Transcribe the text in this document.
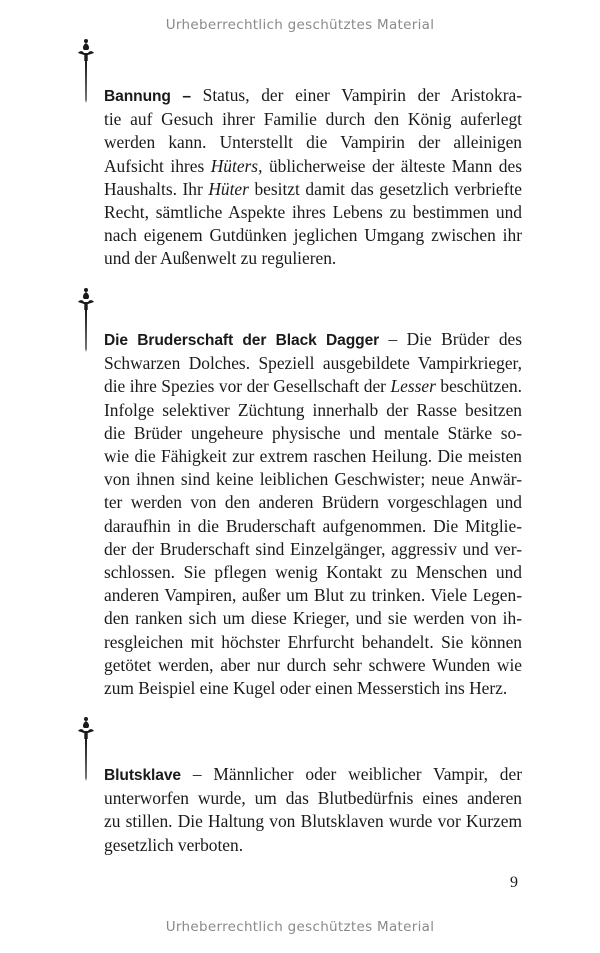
Urheberrechtlich geschütztes Material

Bannung – Status, der einer Vampirin der Aristokra-
tie auf Gesuch ihrer Familie durch den König auferlegt
werden kann. Unterstellt die Vampirin der alleinigen
Aufsicht ihres Hüters, üblicherweise der älteste Mann des
Haushalts. Ihr Hüter besitzt damit das gesetzlich verbriefte
Recht, sämtliche Aspekte ihres Lebens zu bestimmen und
nach eigenem Gutdünken jeglichen Umgang zwischen ihr
und der Außenwelt zu regulieren.

Die Bruderschaft der Black Dagger – Die Brüder des
Schwarzen Dolches. Speziell ausgebildete Vampirkrieger,
die ihre Spezies vor der Gesellschaft der Lesser beschützen.
Infolge selektiver Züchtung innerhalb der Rasse besitzen
die Brüder ungeheure physische und mentale Stärke so-
wie die Fähigkeit zur extrem raschen Heilung. Die meisten
von ihnen sind keine leiblichen Geschwister; neue Anwär-
ter werden von den anderen Brüdern vorgeschlagen und
daraufhin in die Bruderschaft aufgenommen. Die Mitglie-
der der Bruderschaft sind Einzelgänger, aggressiv und ver-
schlossen. Sie pflegen wenig Kontakt zu Menschen und
anderen Vampiren, außer um Blut zu trinken. Viele Legen-
den ranken sich um diese Krieger, und sie werden von ih-
resgleichen mit höchster Ehrfurcht behandelt. Sie können
getötet werden, aber nur durch sehr schwere Wunden wie
zum Beispiel eine Kugel oder einen Messerstich ins Herz.

Blutsklave – Männlicher oder weiblicher Vampir, der
unterworfen wurde, um das Blutbedürfnis eines anderen
zu stillen. Die Haltung von Blutsklaven wurde vor Kurzem
gesetzlich verboten.

9
Urheberrechtlich geschütztes Material
